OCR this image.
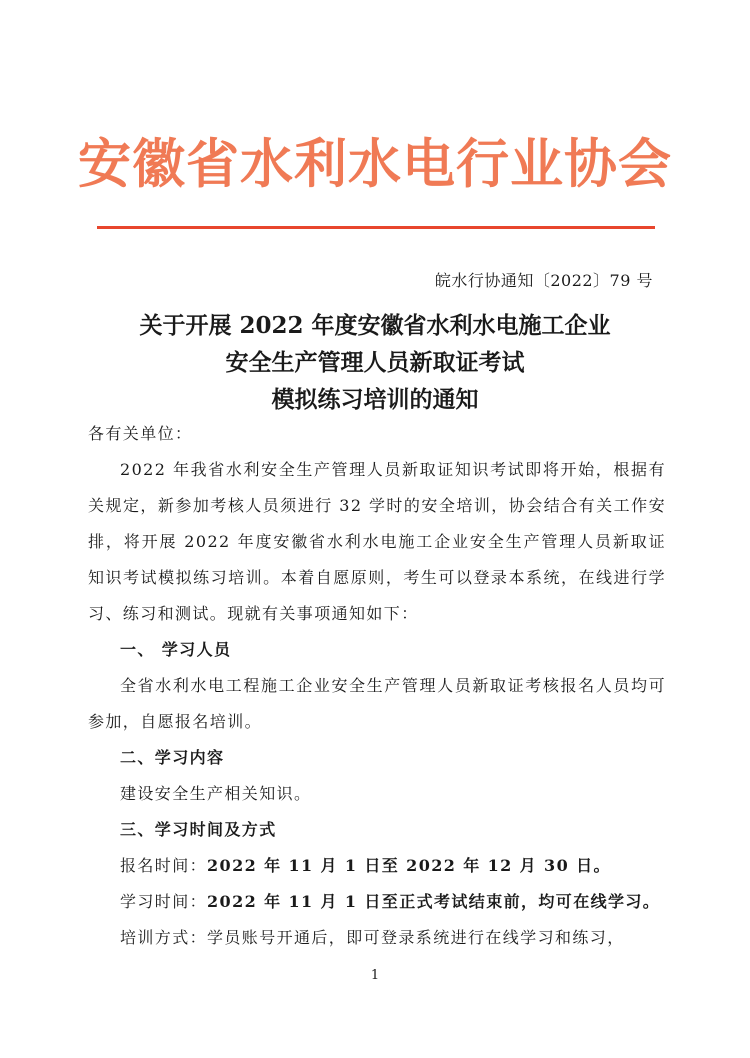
安徽省水利水电行业协会
皖水行协通知〔2022〕79 号
关于开展 2022 年度安徽省水利水电施工企业
安全生产管理人员新取证考试
模拟练习培训的通知

各有关单位：

2022 年我省水利安全生产管理人员新取证知识考试即将开始，根据有关规定，新参加考核人员须进行 32 学时的安全培训，协会结合有关工作安排，将开展 2022 年度安徽省水利水电施工企业安全生产管理人员新取证知识考试模拟练习培训。本着自愿原则，考生可以登录本系统，在线进行学习、练习和测试。现就有关事项通知如下：

一、 学习人员

全省水利水电工程施工企业安全生产管理人员新取证考核报名人员均可参加，自愿报名培训。

二、学习内容

建设安全生产相关知识。

三、学习时间及方式

报名时间：2022 年 11 月 1 日至 2022 年 12 月 30 日。

学习时间：2022 年 11 月 1 日至正式考试结束前，均可在线学习。

培训方式：学员账号开通后，即可登录系统进行在线学习和练习，

1
